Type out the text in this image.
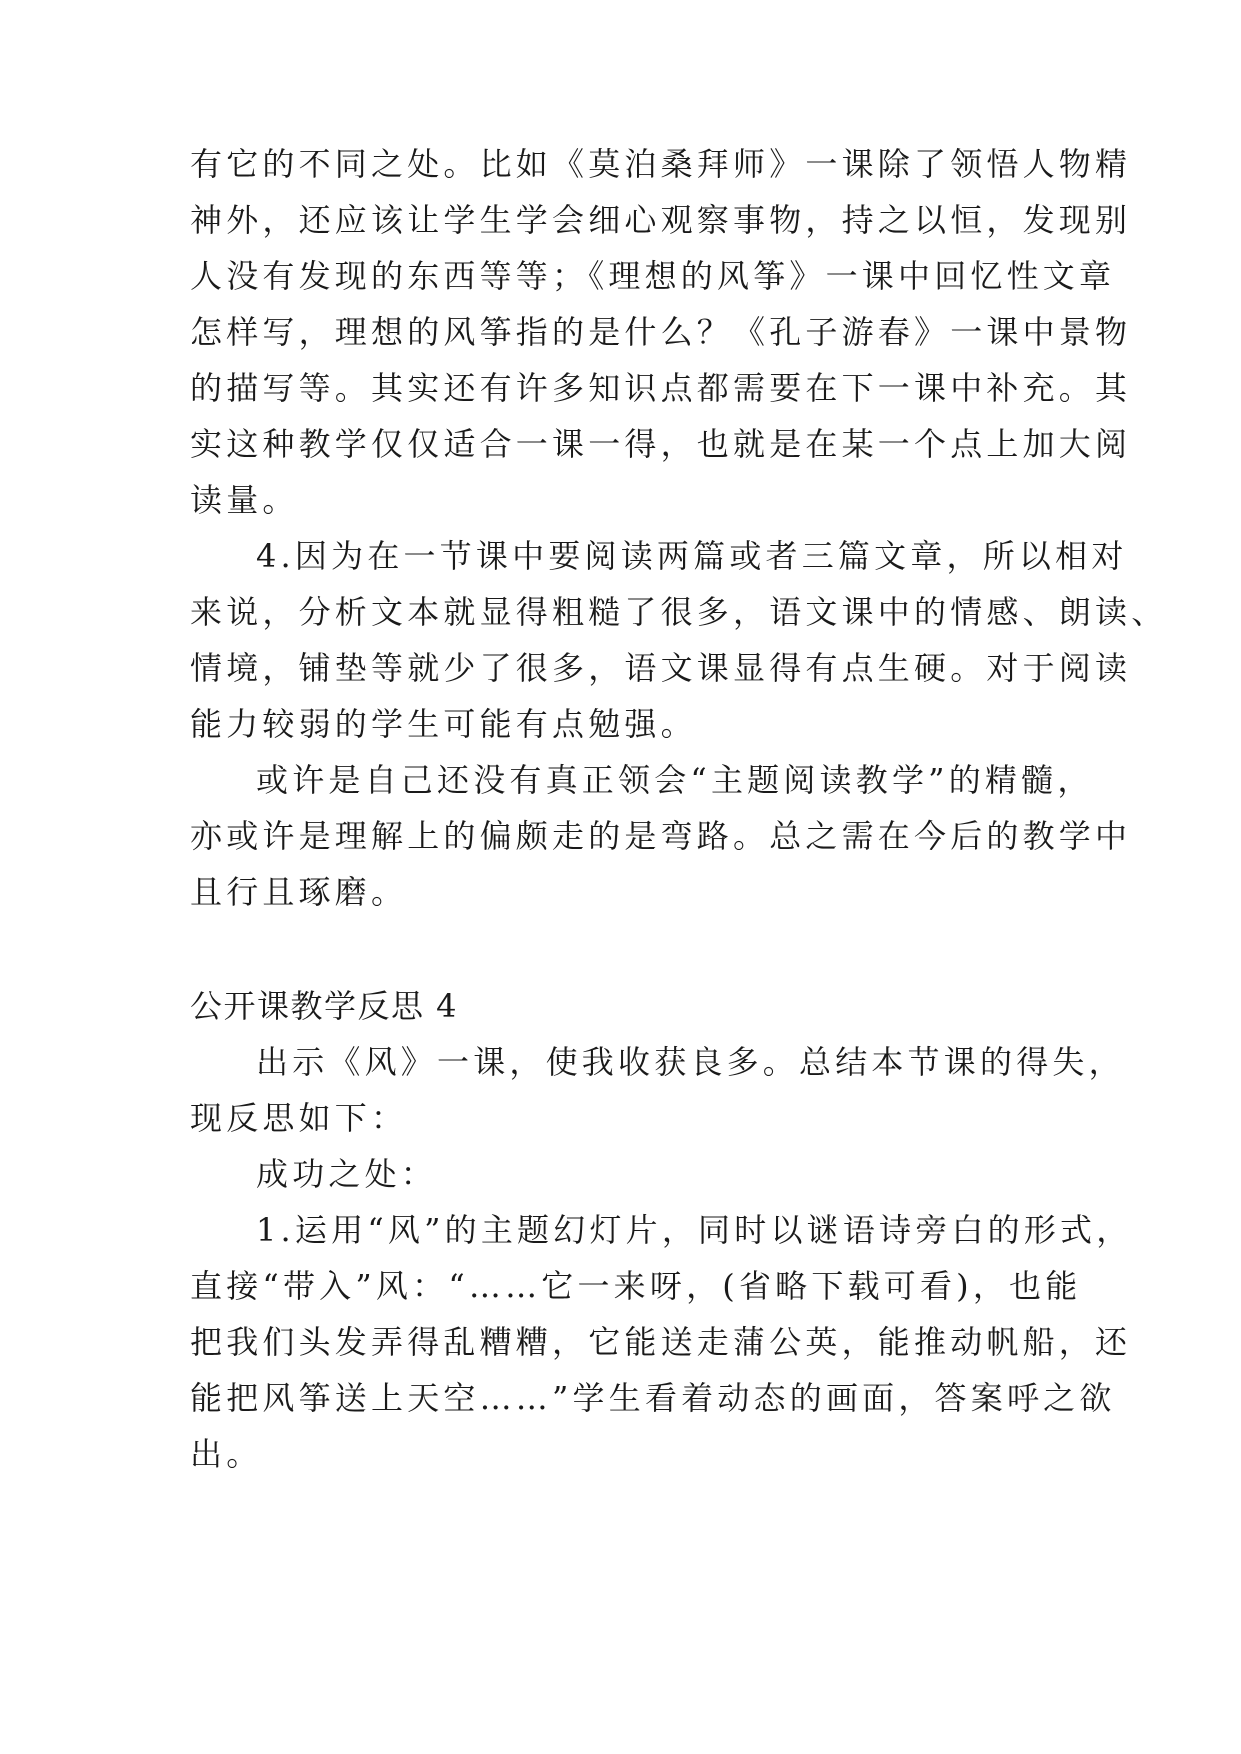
有它的不同之处。比如《莫泊桑拜师》一课除了领悟人物精
神外，还应该让学生学会细心观察事物，持之以恒，发现别
人没有发现的东西等等；《理想的风筝》一课中回忆性文章
怎样写，理想的风筝指的是什么？《孔子游春》一课中景物
的描写等。其实还有许多知识点都需要在下一课中补充。其
实这种教学仅仅适合一课一得，也就是在某一个点上加大阅
读量。
4.因为在一节课中要阅读两篇或者三篇文章，所以相对
来说，分析文本就显得粗糙了很多，语文课中的情感、朗读、
情境，铺垫等就少了很多，语文课显得有点生硬。对于阅读
能力较弱的学生可能有点勉强。
或许是自己还没有真正领会“主题阅读教学”的精髓，
亦或许是理解上的偏颇走的是弯路。总之需在今后的教学中
且行且琢磨。
公开课教学反思 4
出示《风》一课，使我收获良多。总结本节课的得失，
现反思如下：
成功之处：
1.运用“风”的主题幻灯片，同时以谜语诗旁白的形式，
直接“带入”风：“……它一来呀，(省略下载可看)，也能
把我们头发弄得乱糟糟，它能送走蒲公英，能推动帆船，还
能把风筝送上天空……”学生看着动态的画面，答案呼之欲
出。
